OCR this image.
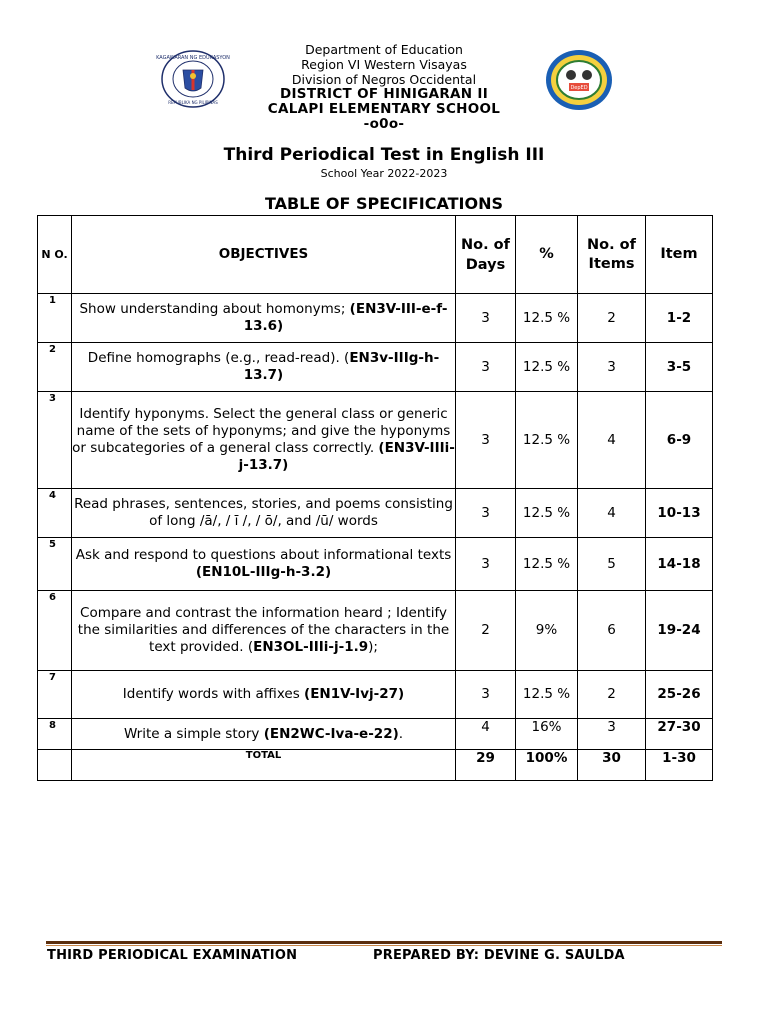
KAGAWARAN NG EDUKASYON
REPUBLIKA NG PILIPINAS
DepED
Department of Education
Region VI Western Visayas
Division of Negros Occidental
DISTRICT OF HINIGARAN II
CALAPI ELEMENTARY SCHOOL
-o0o-
Third Periodical Test in English III
School Year 2022-2023
TABLE OF SPECIFICATIONS
N O.	OBJECTIVES	No. of Days	%	No. of Items	Item

1	Show understanding about homonyms; (EN3V-III-e-f-13.6)	3	12.5 %	2	1-2

2	Define homographs (e.g., read-read). (EN3v-IIIg-h-13.7)	3	12.5 %	3	3-5

3	Identify hyponyms. Select the general class or generic name of the sets of hyponyms; and give the hyponyms or subcategories of a general class correctly. (EN3V-IIIi-j-13.7)	3	12.5 %	4	6-9

4	Read phrases, sentences, stories, and poems consisting of long /ā/, / ī /, / ō/, and /ū/ words	3	12.5 %	4	10-13

5	Ask and respond to questions about informational texts
(EN10L-IIIg-h-3.2)	3	12.5 %	5	14-18

6	Compare and contrast the information heard ; Identify the similarities and differences of the characters in the text provided. (EN3OL-IIIi-j-1.9);	2	9%	6	19-24

7	Identify words with affixes (EN1V-Ivj-27)	3	12.5 %	2	25-26

8	Write a simple story (EN2WC-Iva-e-22).	4	16%	3	27-30
	TOTAL	29	100%	30	1-30
THIRD PERIODICAL EXAMINATION	PREPARED BY: DEVINE G. SAULDA
